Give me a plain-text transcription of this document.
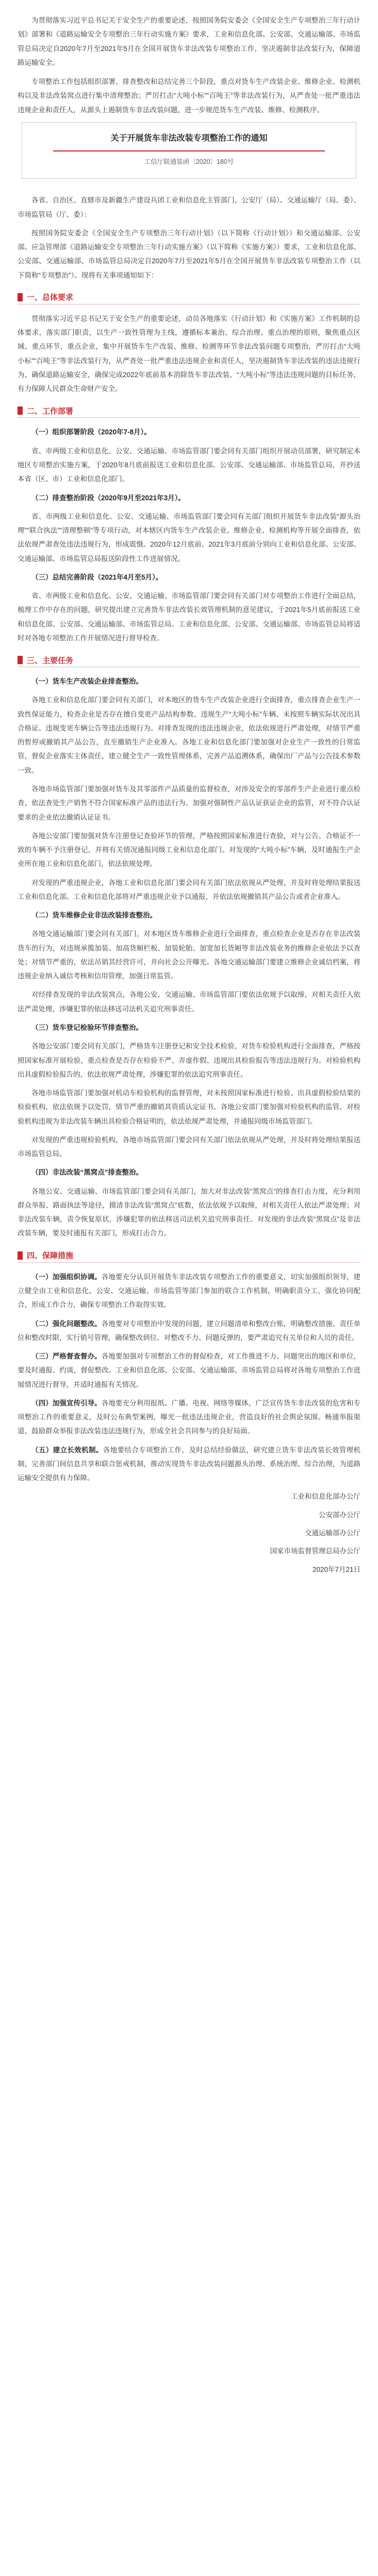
为贯彻落实习近平总书记关于安全生产的重要论述，按照国务院安委会《全国安全生产专项整治三年行动计划》部署和《道路运输安全专项整治三年行动实施方案》要求，工业和信息化部、公安部、交通运输部、市场监管总局决定自2020年7月至2021年5月在全国开展货车非法改装专项整治工作，坚决遏制非法改装行为，保障道路运输安全。

专项整治工作包括组织部署、排查整改和总结完善三个阶段，重点对货车生产改装企业、维修企业、检测机构以及非法改装窝点进行集中清理整治；严厉打击“大吨小标”“百吨王”等非法改装行为，从严查处一批严重违法违规企业和责任人，从源头上遏制货车非法改装问题，进一步规范货车生产改装、维修、检测秩序。

关于开展货车非法改装专项整治工作的通知
工信厅联通装函〔2020〕180号

各省、自治区、直辖市及新疆生产建设兵团工业和信息化主管部门、公安厅（局）、交通运输厅（局、委）、市场监管局（厅、委）：

按照国务院安委会《全国安全生产专项整治三年行动计划》（以下简称《行动计划》）和交通运输部、公安部、应急管理部《道路运输安全专项整治三年行动实施方案》（以下简称《实施方案》）要求，工业和信息化部、公安部、交通运输部、市场监管总局决定自2020年7月至2021年5月在全国开展货车非法改装专项整治工作（以下简称“专项整治”）。现将有关事项通知如下：

一、总体要求

贯彻落实习近平总书记关于安全生产的重要论述，动员各地落实《行动计划》和《实施方案》工作机制的总体要求，落实部门职责，以生产一致性管理为主线，遵循标本兼治、综合治理、重点治理的原则，聚焦重点区域、重点环节、重点企业，集中开展货车生产改装、维修、检测等环节非法改装问题专项整治，严厉打击“大吨小标”“百吨王”等非法改装行为，从严查处一批严重违法违规企业和责任人，坚决遏制货车非法改装的违法违规行为，确保道路运输安全，确保完成2022年底前基本消除货车非法改装、“大吨小标”等违法违规问题的目标任务，有力保障人民群众生命财产安全。

二、工作部署

（一）组织部署阶段（2020年7-8月）。

省、市两级工业和信息化、公安、交通运输、市场监管部门要会同有关部门组织开展动员部署，研究制定本地区专项整治实施方案，于2020年8月底前报送工业和信息化部、公安部、交通运输部、市场监管总局，并抄送本省（区、市）工业和信息化部门。

（二）排查整治阶段（2020年9月至2021年3月）。

省、市两级工业和信息化、公安、交通运输、市场监管部门要会同有关部门组织开展货车非法改装“源头治理”“联合执法”“清理整顿”等专项行动，对本辖区内货车生产改装企业、维修企业、检测机构等开展全面排查，依法依规严肃查处违法违规行为，形成震慑。2020年12月底前、2021年3月底前分别向工业和信息化部、公安部、交通运输部、市场监管总局报送阶段性工作进展情况。

（三）总结完善阶段（2021年4月至5月）。

省、市两级工业和信息化、公安、交通运输、市场监管部门要会同有关部门对专项整治工作进行全面总结，梳理工作中存在的问题，研究提出建立完善货车非法改装长效管理机制的意见建议，于2021年5月底前报送工业和信息化部、公安部、交通运输部、市场监管总局。工业和信息化部、公安部、交通运输部、市场监管总局将适时对各地专项整治工作开展情况进行督导检查。

三、主要任务

（一）货车生产改装企业排查整治。

各地工业和信息化部门要会同有关部门，对本地区的货车生产改装企业进行全面排查，重点排查企业生产一致性保证能力，检查企业是否存在擅自变更产品结构参数、违规生产“大吨小标”车辆、未按照车辆实际状况出具合格证、违规变更车辆公告等违法违规行为。对排查发现的违法违规企业，依法依规进行严肃处理，对情节严重的暂停或撤销其产品公告，直至撤销生产企业准入。各地工业和信息化部门要加强对企业生产一致性的日常监管，督促企业落实主体责任，建立健全生产一致性管理体系，完善产品追溯体系，确保出厂产品与公告技术参数一致。

各地市场监管部门要加强对货车及其零部件产品质量的监督检查，对涉及安全的零部件生产企业进行重点检查，依法查处生产销售不符合国家标准产品的违法行为。加强对强制性产品认证获证企业的监管，对不符合认证要求的企业依法撤销认证证书。

各地公安部门要加强对货车注册登记查验环节的管理，严格按照国家标准进行查验，对与公告、合格证不一致的车辆不予注册登记，并将有关情况通报同级工业和信息化部门。对发现的“大吨小标”车辆，及时通报生产企业所在地工业和信息化部门，依法依规处理。

对发现的严重违规企业，各地工业和信息化部门要会同有关部门依法依规从严处理，并及时将处理结果报送工业和信息化部。工业和信息化部将对严重违规企业予以通报，并依法依规撤销其产品公告或者企业准入。

（二）货车维修企业非法改装排查整治。

各地交通运输部门要会同有关部门，对本地区货车维修企业进行全面排查，重点检查企业是否存在非法改装货车的行为，对违规承揽加装、加高货厢栏板、加装轮胎、加宽加长货厢等非法改装业务的维修企业依法予以查处；对情节严重的，依法吊销其经营许可，并向社会公开曝光。各地交通运输部门要建立维修企业诚信档案，将违规企业纳入诚信考核和信用管理，加强日常监管。

对经排查发现的非法改装窝点，各地公安、交通运输、市场监管部门要依法依规予以取缔，对相关责任人依法严肃处理，涉嫌犯罪的依法移送司法机关追究刑事责任。

（三）货车登记检验环节排查整治。

各地公安部门要会同有关部门，严格货车注册登记和安全技术检验，对货车检验机构进行全面排查，严格按照国家标准开展检验，重点检查是否存在检验不严、弄虚作假、违规出具检验报告等违法违规行为。对检验机构出具虚假检验报告的，依法依规严肃处理，涉嫌犯罪的依法追究刑事责任。

各地市场监管部门要加强对机动车检验机构的监督管理，对未按照国家标准进行检验、出具虚假检验结果的检验机构，依法依规予以处罚，情节严重的撤销其资质认定证书。各地公安部门要加强对检验机构的监管，对检验机构违规为非法改装车辆出具检验合格证明的，依法依规严肃处理，并通报同级市场监管部门。

对发现的严重违规检验机构，各地市场监管部门要会同有关部门依法依规从严处理，并及时将处理结果报送市场监管总局。

（四）非法改装“黑窝点”排查整治。

各地公安、交通运输、市场监管部门要会同有关部门，加大对非法改装“黑窝点”的排查打击力度，充分利用群众举报、路面执法等途径，摸清非法改装“黑窝点”底数，依法依规予以取缔，对相关责任人依法严肃处理；对非法改装车辆，责令恢复原状，涉嫌犯罪的依法移送司法机关追究刑事责任。对发现的非法改装“黑窝点”及非法改装车辆，要及时通报有关部门，形成打击合力。

四、保障措施

（一）加强组织协调。各地要充分认识开展货车非法改装专项整治工作的重要意义，切实加强组织领导，建立健全由工业和信息化、公安、交通运输、市场监管等部门参加的联合工作机制，明确职责分工，强化协同配合，形成工作合力，确保专项整治工作取得实效。

（二）强化问题整改。各地要对专项整治中发现的问题，建立问题清单和整改台账，明确整改措施、责任单位和整改时限，实行销号管理，确保整改到位。对整改不力、问题反弹的，要严肃追究有关单位和人员的责任。

（三）严格督查督办。各地要加强对专项整治工作的督促检查，对工作推进不力、问题突出的地区和单位，要及时通报、约谈，督促整改。工业和信息化部、公安部、交通运输部、市场监管总局将对各地专项整治工作进展情况进行督导，并适时通报有关情况。

（四）加强宣传引导。各地要充分利用报纸、广播、电视、网络等媒体，广泛宣传货车非法改装的危害和专项整治工作的重要意义，及时公布典型案例，曝光一批违法违规企业，营造良好的社会舆论氛围。畅通举报渠道，鼓励群众举报非法改装违法违规行为，形成全社会共同参与的良好局面。

（五）建立长效机制。各地要结合专项整治工作，及时总结经验做法，研究建立货车非法改装长效管理机制，完善部门间信息共享和联合惩戒机制，推动实现货车非法改装问题源头治理、系统治理、综合治理，为道路运输安全提供有力保障。

工业和信息化部办公厅
公安部办公厅
交通运输部办公厅
国家市场监督管理总局办公厅
2020年7月21日
